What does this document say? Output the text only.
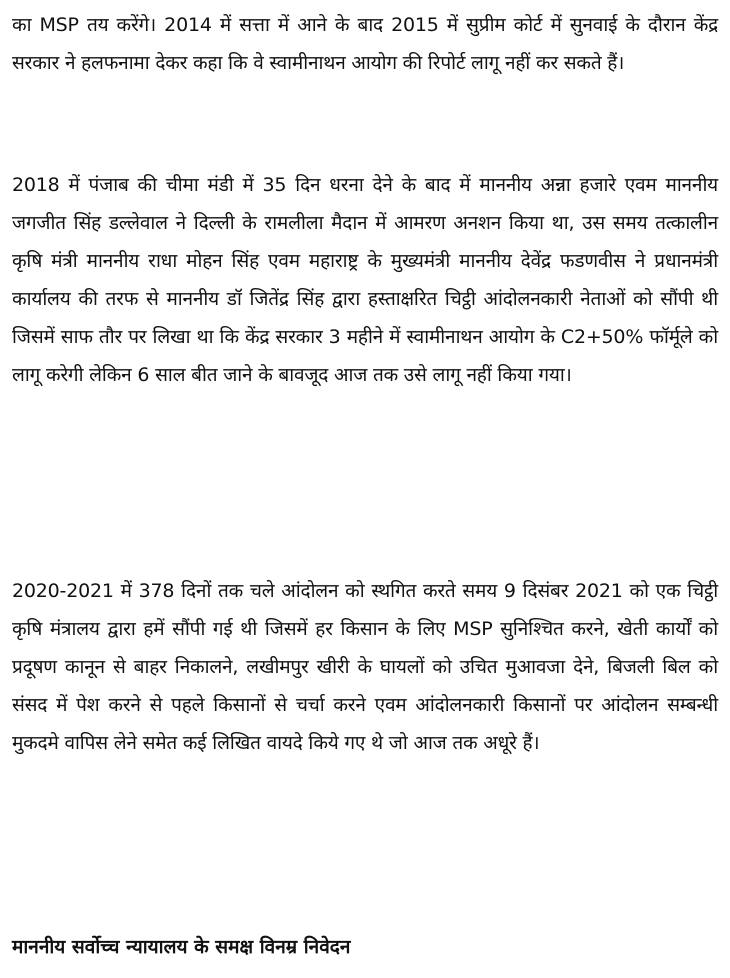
का MSP तय करेंगे। 2014 में सत्ता में आने के बाद 2015 में सुप्रीम कोर्ट में सुनवाई के दौरान केंद्र सरकार ने हलफनामा देकर कहा कि वे स्वामीनाथन आयोग की रिपोर्ट लागू नहीं कर सकते हैं।

2018 में पंजाब की चीमा मंडी में 35 दिन धरना देने के बाद में माननीय अन्ना हजारे एवम माननीय जगजीत सिंह डल्लेवाल ने दिल्ली के रामलीला मैदान में आमरण अनशन किया था, उस समय तत्कालीन कृषि मंत्री माननीय राधा मोहन सिंह एवम महाराष्ट्र के मुख्यमंत्री माननीय देवेंद्र फडणवीस ने प्रधानमंत्री कार्यालय की तरफ से माननीय डॉ जितेंद्र सिंह द्वारा हस्ताक्षरित चिट्ठी आंदोलनकारी नेताओं को सौंपी थी जिसमें साफ तौर पर लिखा था कि केंद्र सरकार 3 महीने में स्वामीनाथन आयोग के C2+50% फॉर्मूले को लागू करेगी लेकिन 6 साल बीत जाने के बावजूद आज तक उसे लागू नहीं किया गया।

2020-2021 में 378 दिनों तक चले आंदोलन को स्थगित करते समय 9 दिसंबर 2021 को एक चिट्ठी कृषि मंत्रालय द्वारा हमें सौंपी गई थी जिसमें हर किसान के लिए MSP सुनिश्चित करने, खेती कार्यों को प्रदूषण कानून से बाहर निकालने, लखीमपुर खीरी के घायलों को उचित मुआवजा देने, बिजली बिल को संसद में पेश करने से पहले किसानों से चर्चा करने एवम आंदोलनकारी किसानों पर आंदोलन सम्बन्धी मुकदमे वापिस लेने समेत कई लिखित वायदे किये गए थे जो आज तक अधूरे हैं।

माननीय सर्वोच्च न्यायालय के समक्ष विनम्र निवेदन
